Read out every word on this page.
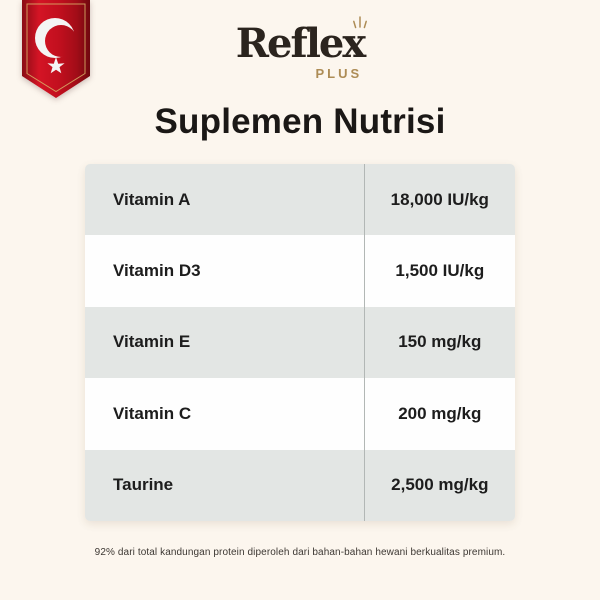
Reflex
PLUS
Suplemen Nutrisi
Vitamin A	18,000 IU/kg
Vitamin D3	1,500 IU/kg
Vitamin E	150 mg/kg
Vitamin C	200 mg/kg
Taurine	2,500 mg/kg
92% dari total kandungan protein diperoleh dari bahan-bahan hewani berkualitas premium.
